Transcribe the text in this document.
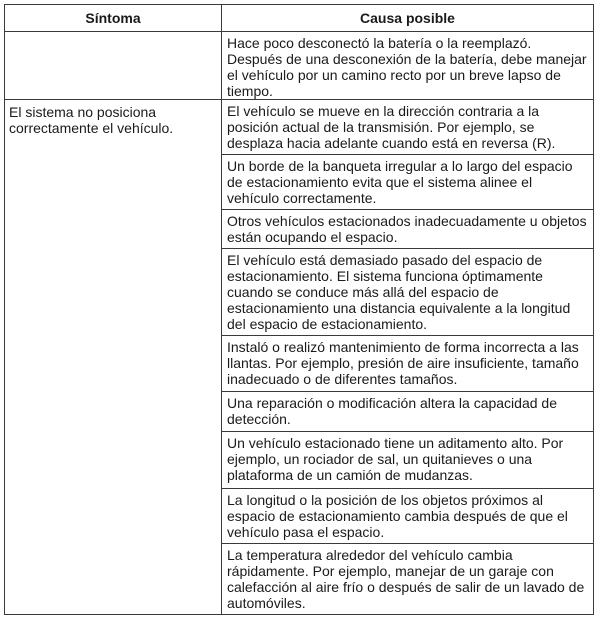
Síntoma	Causa posible

	Hace poco desconectó la batería o la reemplazó. Después de una desconexión de la batería, debe manejar el vehículo por un camino recto por un breve lapso de tiempo.

El sistema no posiciona correctamente el vehículo.	El vehículo se mueve en la dirección contraria a la posición actual de la transmisión. Por ejemplo, se desplaza hacia adelante cuando está en reversa (R).

	Un borde de la banqueta irregular a lo largo del espacio de estacionamiento evita que el sistema alinee el vehículo correctamente.

	Otros vehículos estacionados inadecuadamente u objetos están ocupando el espacio.

	El vehículo está demasiado pasado del espacio de estacionamiento. El sistema funciona óptimamente cuando se conduce más allá del espacio de estacionamiento una distancia equivalente a la longitud del espacio de estacionamiento.

	Instaló o realizó mantenimiento de forma incorrecta a las llantas. Por ejemplo, presión de aire insuficiente, tamaño inadecuado o de diferentes tamaños.

	Una reparación o modificación altera la capacidad de detección.

	Un vehículo estacionado tiene un aditamento alto. Por ejemplo, un rociador de sal, un quitanieves o una plataforma de un camión de mudanzas.

	La longitud o la posición de los objetos próximos al espacio de estacionamiento cambia después de que el vehículo pasa el espacio.

	La temperatura alrededor del vehículo cambia rápidamente. Por ejemplo, manejar de un garaje con calefacción al aire frío o después de salir de un lavado de automóviles.
